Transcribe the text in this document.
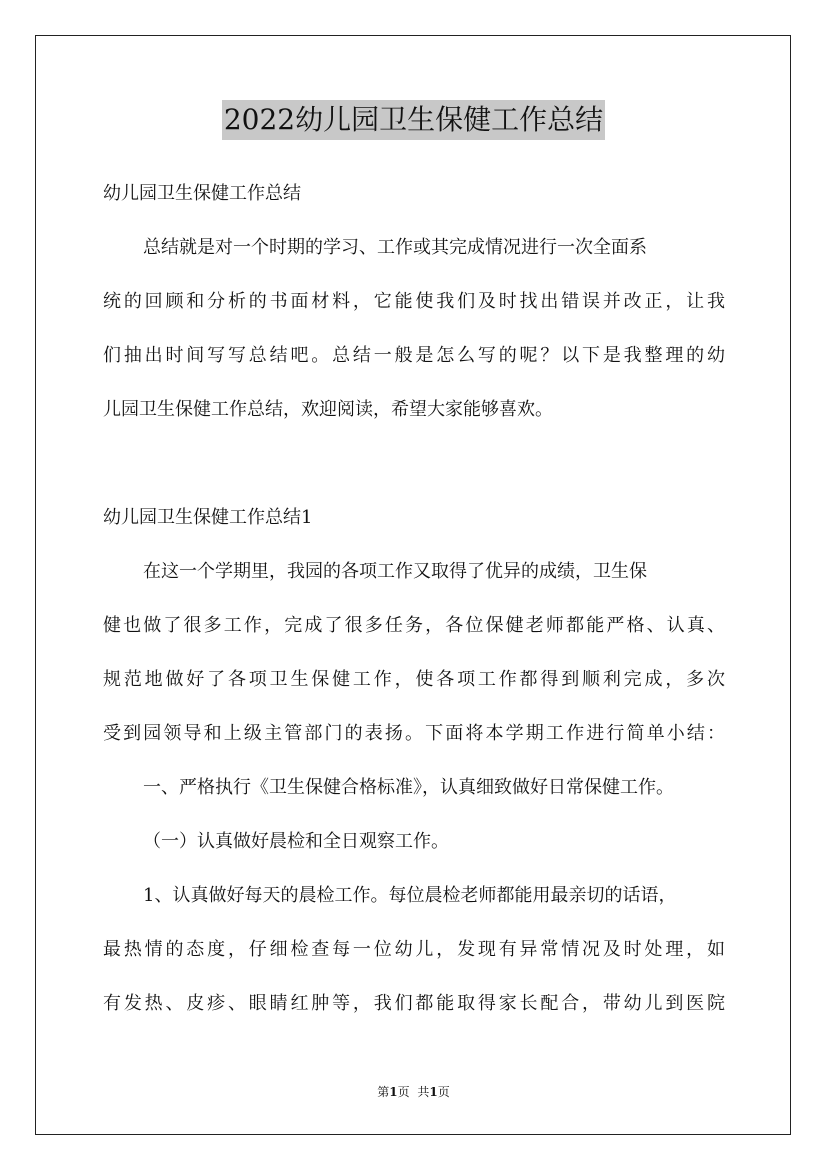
2022幼儿园卫生保健工作总结
幼儿园卫生保健工作总结
总结就是对一个时期的学习、工作或其完成情况进行一次全面系
统的回顾和分析的书面材料，它能使我们及时找出错误并改正，让我
们抽出时间写写总结吧。总结一般是怎么写的呢？以下是我整理的幼
儿园卫生保健工作总结，欢迎阅读，希望大家能够喜欢。
幼儿园卫生保健工作总结1
在这一个学期里，我园的各项工作又取得了优异的成绩，卫生保
健也做了很多工作，完成了很多任务，各位保健老师都能严格、认真、
规范地做好了各项卫生保健工作，使各项工作都得到顺利完成，多次
受到园领导和上级主管部门的表扬。下面将本学期工作进行简单小结：
一、严格执行《卫生保健合格标准》，认真细致做好日常保健工作。
（一）认真做好晨检和全日观察工作。
1、认真做好每天的晨检工作。每位晨检老师都能用最亲切的话语，
最热情的态度，仔细检查每一位幼儿，发现有异常情况及时处理，如
有发热、皮疹、眼睛红肿等，我们都能取得家长配合，带幼儿到医院
第1页 共1页
